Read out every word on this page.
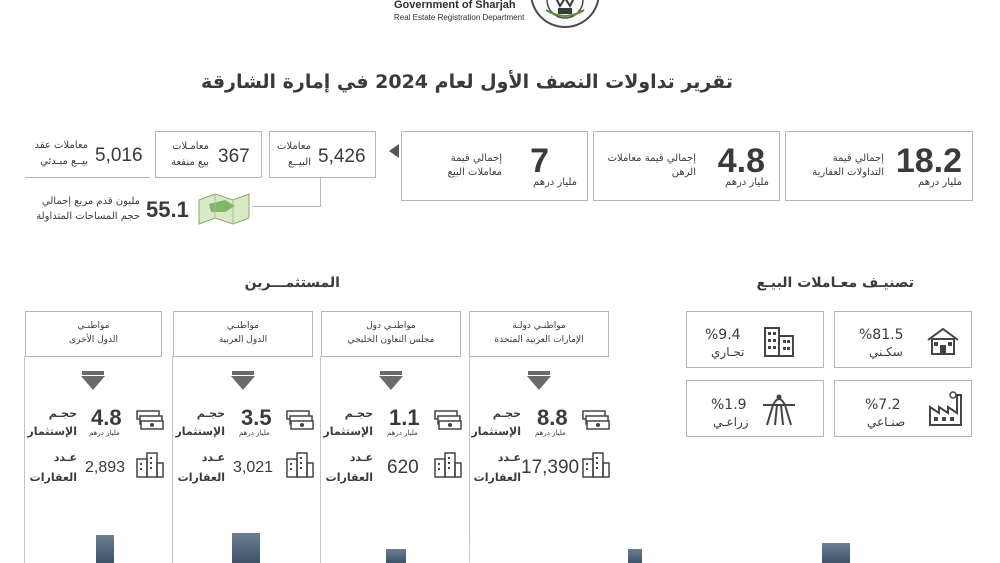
Government of Sharjah
Real Estate Registration Department
تقرير تداولات النصف الأول لعام 2024 في إمارة الشارقة
18.2
مليار درهم
إجمالي قيمة التداولات العقارية
4.8
مليار درهم
إجمالي قيمة معاملات الرهن
7
مليار درهم
إجمالي قيمة معاملات البيع
5,426
معاملات
البيــع
367
معامـلات
بيع منفعة
5,016
معاملات عقد
بيــع مبـدئي
55.1
مليون قدم مربع إجمالي
حجم المساحات المتداولة
تصنيـف معـاملات البيـع
%81.5
سكـني
%9.4
تجـاري
%7.2
صنـاعي
%1.9
زراعـي
المستثمـــرين
مواطنـي دولـة
الإمارات العربية المتحدة
8.8
مليار درهم
حجـم
الإستثمار
17,390
عـدد
العقارات
مواطنـي دول
مجلس التعاون الخليجي
1.1
مليار درهم
حجـم
الإستثمار
620
عـدد
العقارات
مواطنـي
الدول العربية
3.5
مليار درهم
حجـم
الإستثمار
3,021
عـدد
العقارات
مواطنـي
الدول الأخرى
4.8
مليار درهم
حجـم
الإستثمار
2,893
عـدد
العقارات
